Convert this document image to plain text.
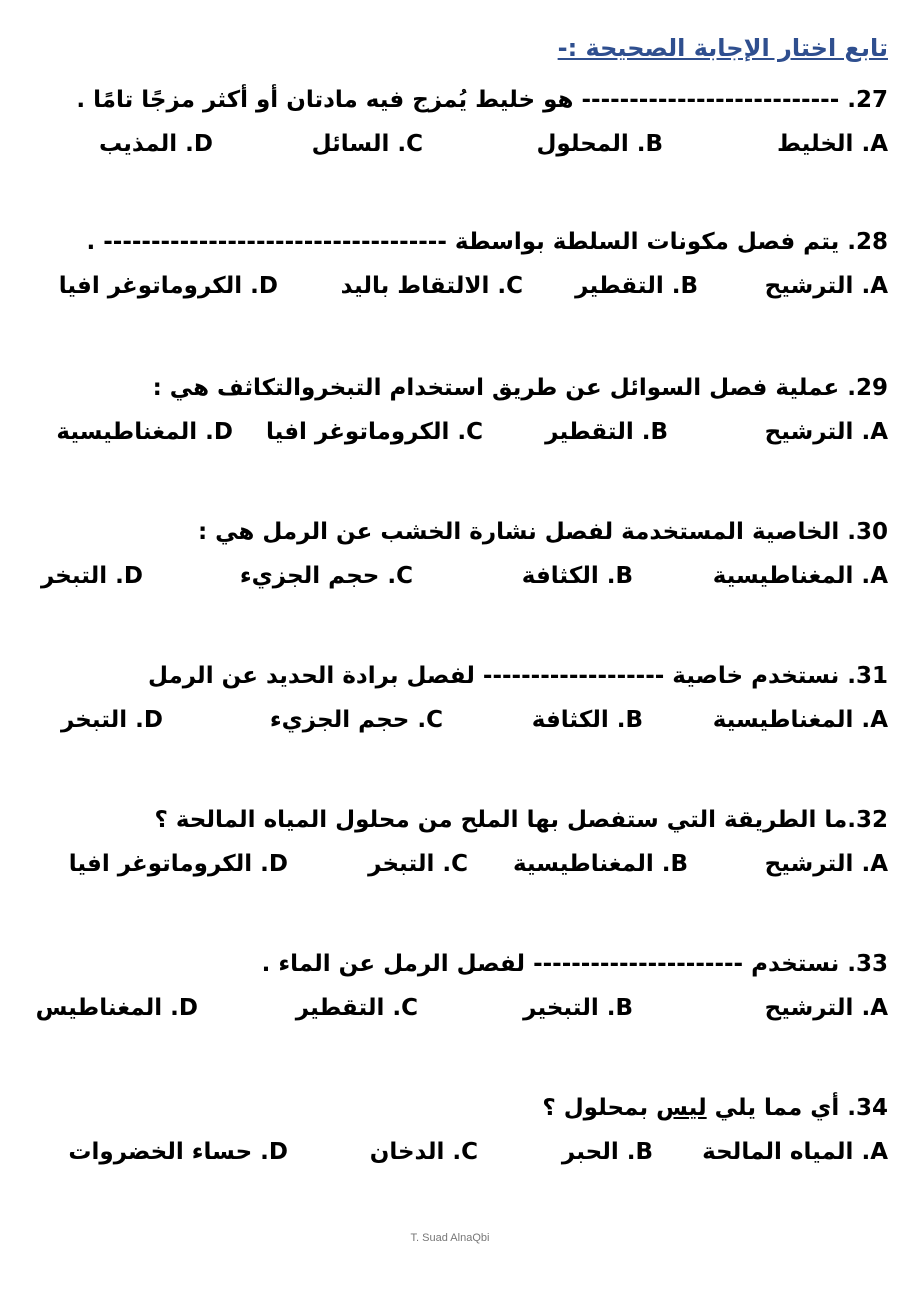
تابع اختار الإجابة الصحيحة :-
27. --------------------------- هو خليط يُمزج فيه مادتان أو أكثر مزجًا تامًا .
A. الخليط
B. المحلول
C. السائل
D. المذيب
28. يتم فصل مكونات السلطة بواسطة ------------------------------------ .
A. الترشيح
B. التقطير
C. الالتقاط باليد
D. الكروماتوغر افيا
29. عملية فصل السوائل عن طريق استخدام التبخروالتكاثف هي :
A. الترشيح
B. التقطير
C. الكروماتوغر افيا
D. المغناطيسية
30. الخاصية المستخدمة لفصل نشارة الخشب عن الرمل هي :
A. المغناطيسية
B. الكثافة
C. حجم الجزيء
D. التبخر
31. نستخدم خاصية ------------------- لفصل برادة الحديد عن الرمل
A. المغناطيسية
B. الكثافة
C. حجم الجزيء
D. التبخر
32.ما الطريقة التي ستفصل بها الملح من محلول المياه المالحة ؟
A. الترشيح
B. المغناطيسية
C. التبخر
D. الكروماتوغر افيا
33. نستخدم ---------------------- لفصل الرمل عن الماء .
A. الترشيح
B. التبخير
C. التقطير
D. المغناطيس
34. أي مما يلي ليس بمحلول ؟
A. المياه المالحة
B. الحبر
C. الدخان
D. حساء الخضروات
T. Suad AlnaQbi
